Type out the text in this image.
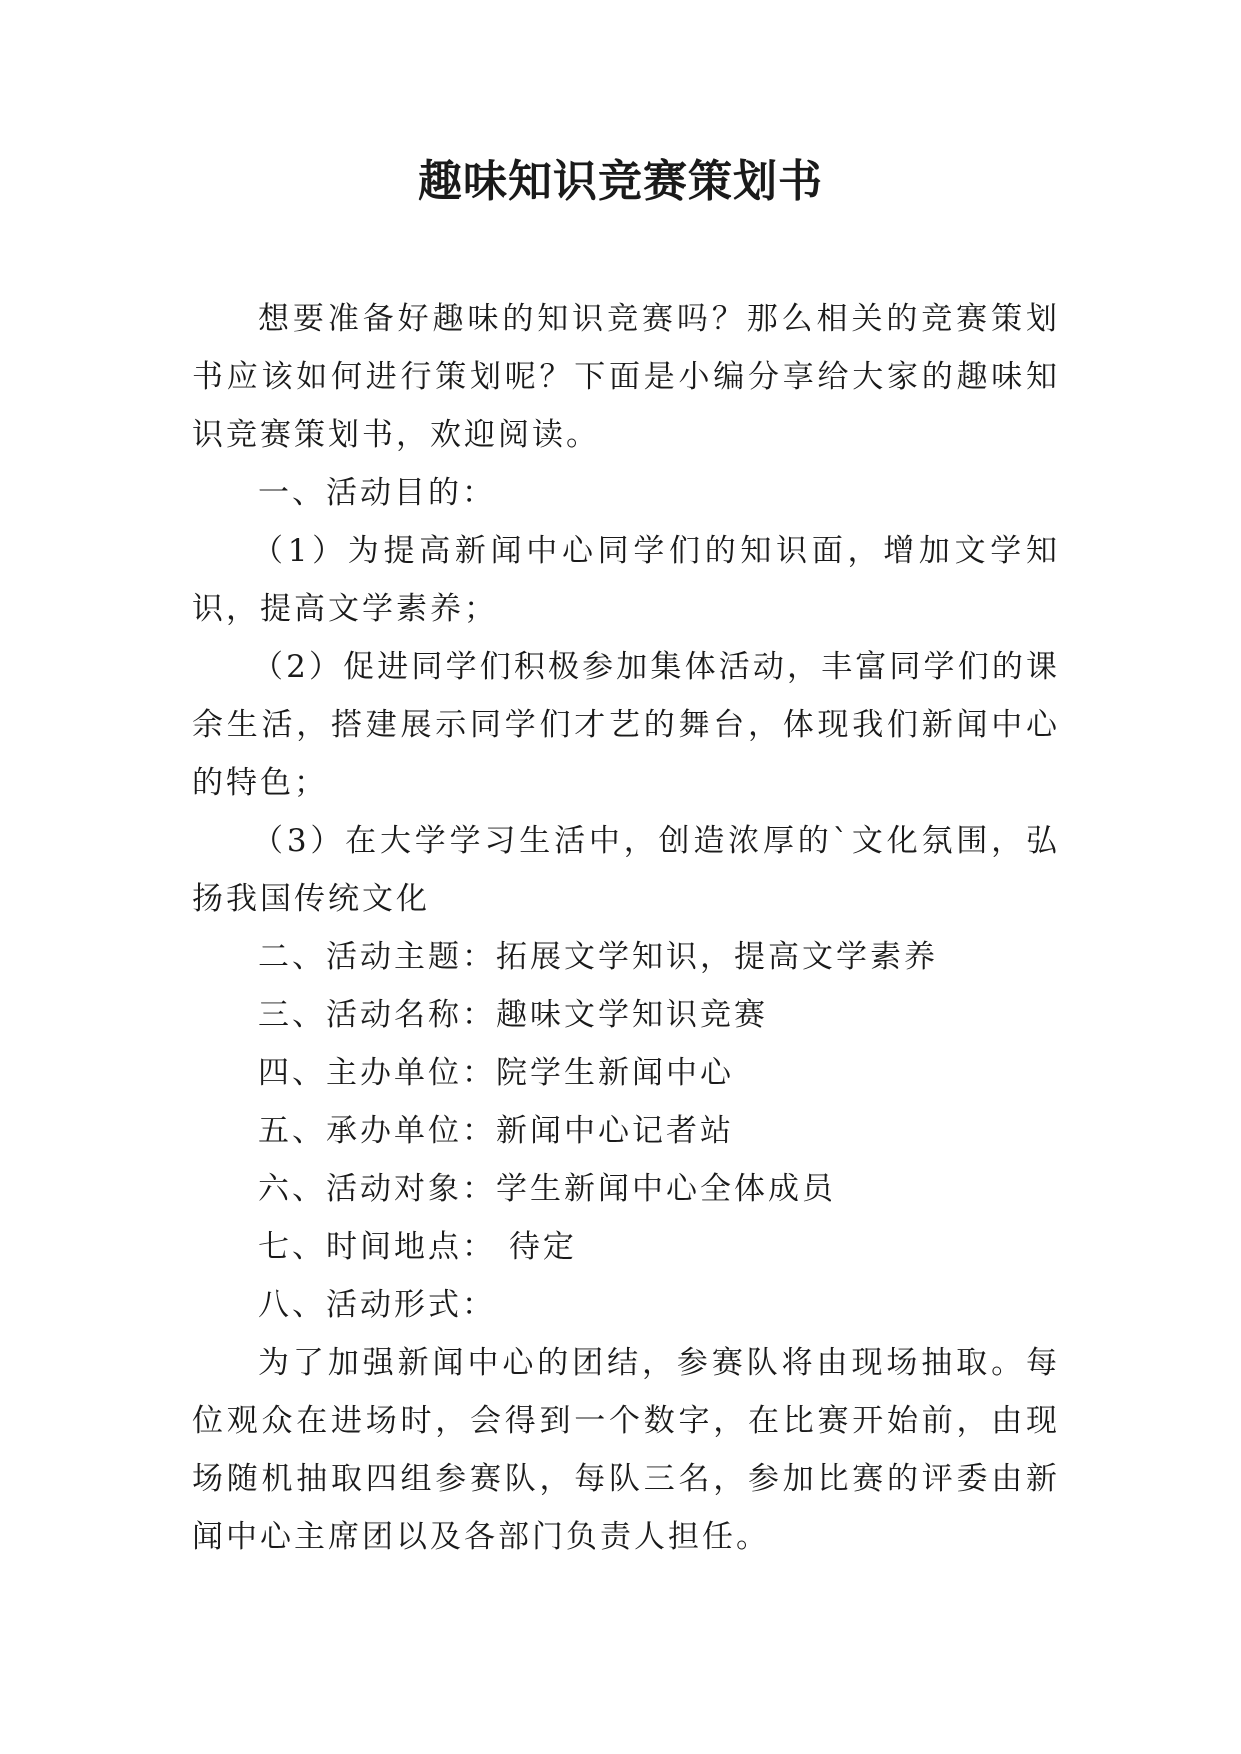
趣味知识竞赛策划书

想要准备好趣味的知识竞赛吗？那么相关的竞赛策划书应该如何进行策划呢？下面是小编分享给大家的趣味知识竞赛策划书，欢迎阅读。

一、活动目的：

（1）为提高新闻中心同学们的知识面，增加文学知识，提高文学素养；

（2）促进同学们积极参加集体活动，丰富同学们的课余生活，搭建展示同学们才艺的舞台，体现我们新闻中心的特色；

（3）在大学学习生活中，创造浓厚的`文化氛围，弘扬我国传统文化

二、活动主题：拓展文学知识，提高文学素养

三、活动名称：趣味文学知识竞赛

四、主办单位：院学生新闻中心

五、承办单位：新闻中心记者站

六、活动对象：学生新闻中心全体成员

七、时间地点： 待定

八、活动形式：

为了加强新闻中心的团结，参赛队将由现场抽取。每位观众在进场时，会得到一个数字，在比赛开始前，由现场随机抽取四组参赛队，每队三名，参加比赛的评委由新闻中心主席团以及各部门负责人担任。
